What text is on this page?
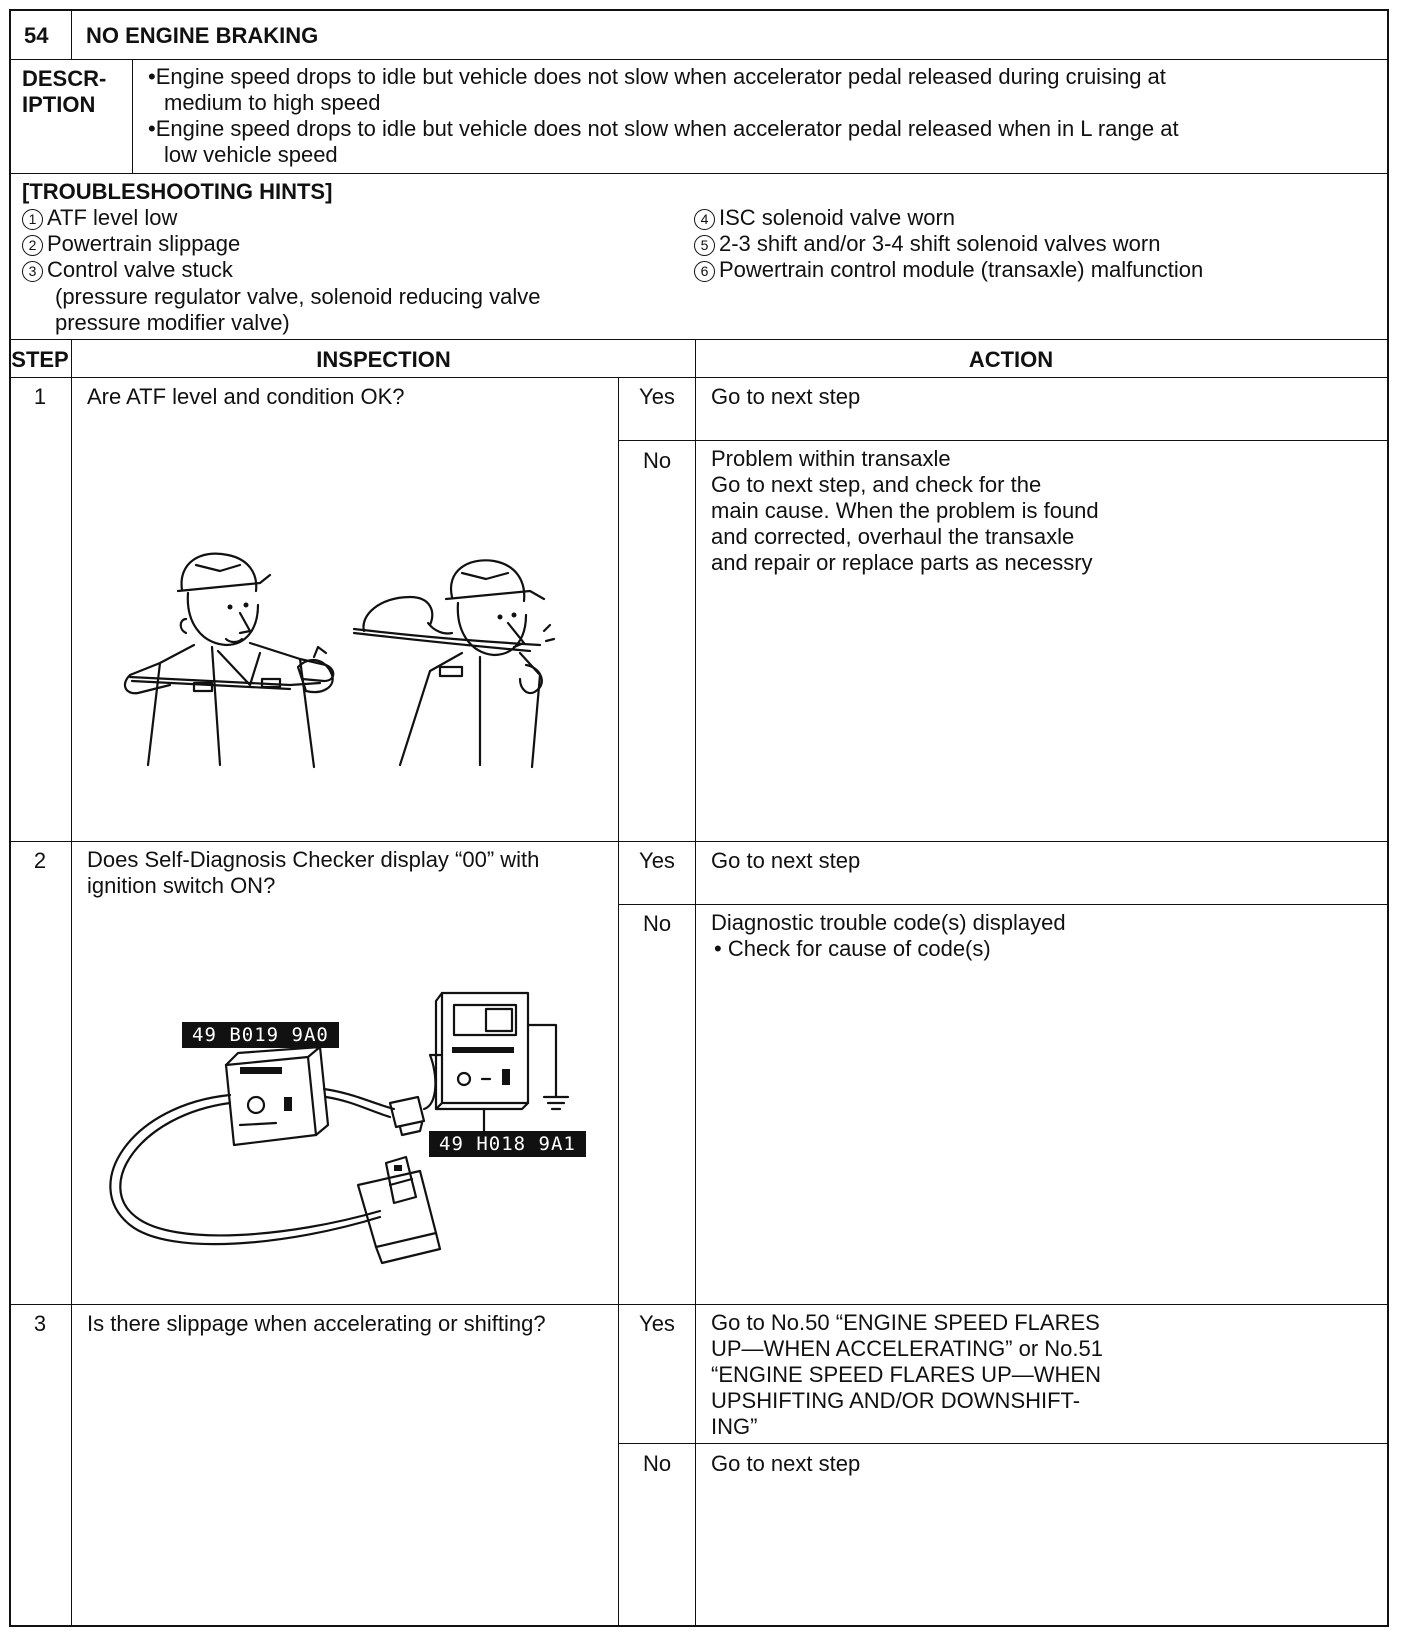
54 NO ENGINE BRAKING
DESCR-
IPTION
•Engine speed drops to idle but vehicle does not slow when accelerator pedal released during cruising at
medium to high speed
•Engine speed drops to idle but vehicle does not slow when accelerator pedal released when in L range at
low vehicle speed
[TROUBLESHOOTING HINTS]
1 ATF level low
2 Powertrain slippage
3 Control valve stuck
(pressure regulator valve, solenoid reducing valve
pressure modifier valve)
4 ISC solenoid valve worn
5 2-3 shift and/or 3-4 shift solenoid valves worn
6 Powertrain control module (transaxle) malfunction
STEP	INSPECTION	ACTION
1	Are ATF level and condition OK?	Yes	Go to next step
No	Problem within transaxle
Go to next step, and check for the
main cause. When the problem is found
and corrected, overhaul the transaxle
and repair or replace parts as necessry
2	Does Self-Diagnosis Checker display “00” with
ignition switch ON?
Yes	Go to next step
No	Diagnostic trouble code(s) displayed
• Check for cause of code(s)
49 B019 9A0
49 H018 9A1
3	Is there slippage when accelerating or shifting?	Yes	Go to No.50 “ENGINE SPEED FLARES
UP—WHEN ACCELERATING” or No.51
“ENGINE SPEED FLARES UP—WHEN
UPSHIFTING AND/OR DOWNSHIFT-
ING”
No	Go to next step
